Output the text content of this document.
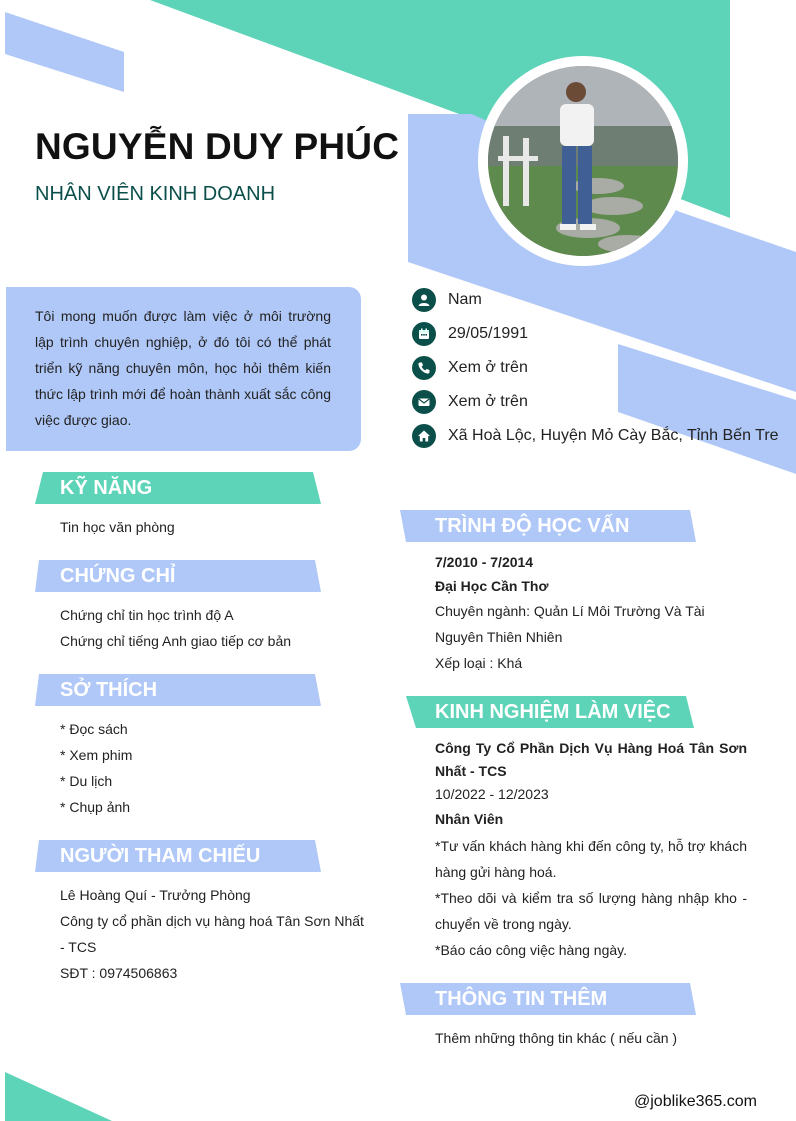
NGUYỄN DUY PHÚC
NHÂN VIÊN KINH DOANH
Tôi mong muốn được làm việc ở môi trường lập trình chuyên nghiệp, ở đó tôi có thể phát triển kỹ năng chuyên môn, học hỏi thêm kiến thức lập trình mới để hoàn thành xuất sắc công việc được giao.
Nam
29/05/1991
Xem ở trên
Xem ở trên
Xã Hoà Lộc, Huyện Mỏ Cày Bắc, Tỉnh Bến Tre
KỸ NĂNG
Tin học văn phòng
CHỨNG CHỈ
Chứng chỉ tin học trình độ A
Chứng chỉ tiếng Anh giao tiếp cơ bản
SỞ THÍCH
* Đọc sách
* Xem phim
* Du lịch
* Chụp ảnh
NGƯỜI THAM CHIẾU
Lê Hoàng Quí - Trưởng Phòng
Công ty cổ phần dịch vụ hàng hoá Tân Sơn Nhất - TCS
SĐT : 0974506863
TRÌNH ĐỘ HỌC VẤN
7/2010 - 7/2014
Đại Học Cần Thơ
Chuyên ngành: Quản Lí Môi Trường Và Tài Nguyên Thiên Nhiên
Xếp loại : Khá
KINH NGHIỆM LÀM VIỆC
Công Ty Cổ Phần Dịch Vụ Hàng Hoá Tân Sơn Nhất - TCS
10/2022 - 12/2023
Nhân Viên
*Tư vấn khách hàng khi đến công ty, hỗ trợ khách hàng gửi hàng hoá.
*Theo dõi và kiểm tra số lượng hàng nhập kho - chuyển về trong ngày.
*Báo cáo công việc hàng ngày.
THÔNG TIN THÊM
Thêm những thông tin khác ( nếu cần )
@joblike365.com
